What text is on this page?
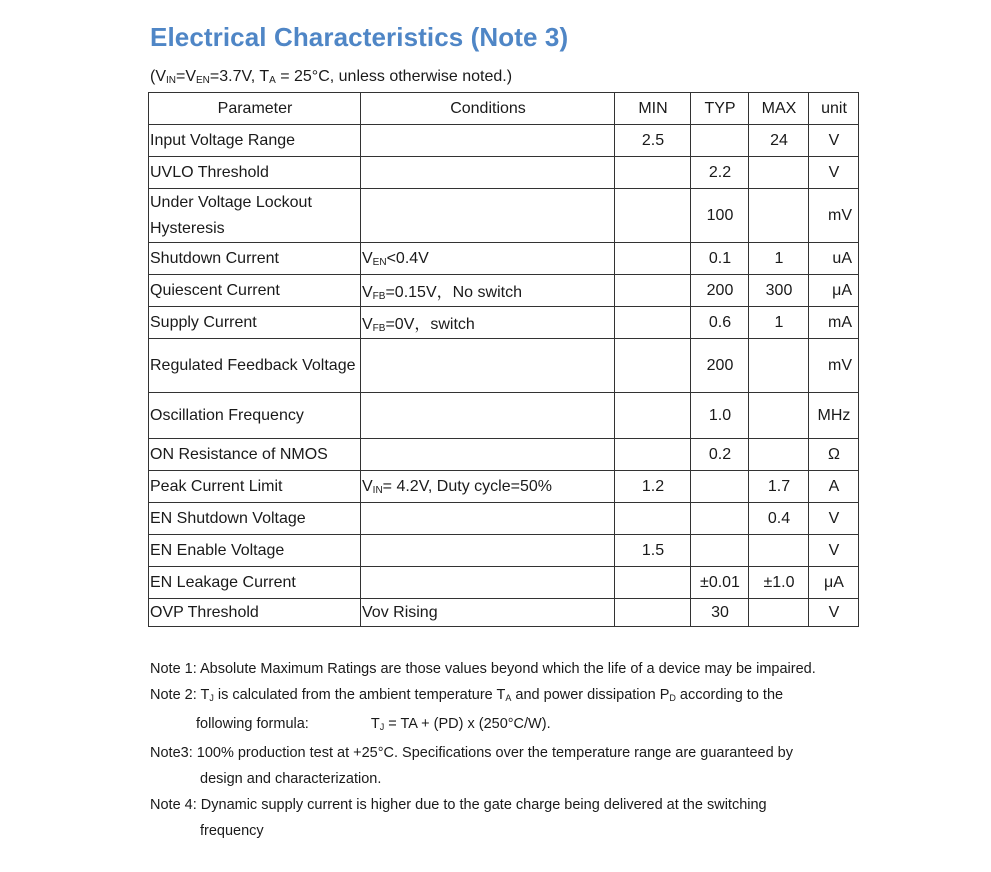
Electrical Characteristics (Note 3)
($V_{IN}=V_{EN}=3.7V$, $T_A = 25^\circ C$, unless otherwise noted.)
Parameter	Conditions	MIN	TYP	MAX	unit
Input Voltage Range		2.5		24	V
UVLO Threshold			2.2		V
Under Voltage Lockout Hysteresis			100		mV
Shutdown Current	$V_{EN}<0.4V$		0.1	1	uA
Quiescent Current	$V_{FB}=0.15V$，No switch		200	300	μA
Supply Current	$V_{FB}=0V$，switch		0.6	1	mA
Regulated Feedback Voltage			200		mV
Oscillation Frequency			1.0		MHz
ON Resistance of NMOS			0.2		Ω
Peak Current Limit	$V_{IN}= 4.2V$, Duty cycle=50%	1.2		1.7	A
EN Shutdown Voltage				0.4	V
EN Enable Voltage		1.5			V
EN Leakage Current			±0.01	±1.0	μA
OVP Threshold	Vov Rising		30		V
Note 1: Absolute Maximum Ratings are those values beyond which the life of a device may be impaired.
Note 2: $T_J$ is calculated from the ambient temperature $T_A$ and power dissipation $P_D$ according to the
following formula:	$T_J$ = TA + (PD) x (250°C/W).
Note3: 100% production test at +25°C. Specifications over the temperature range are guaranteed by
design and characterization.
Note 4: Dynamic supply current is higher due to the gate charge being delivered at the switching
frequency
